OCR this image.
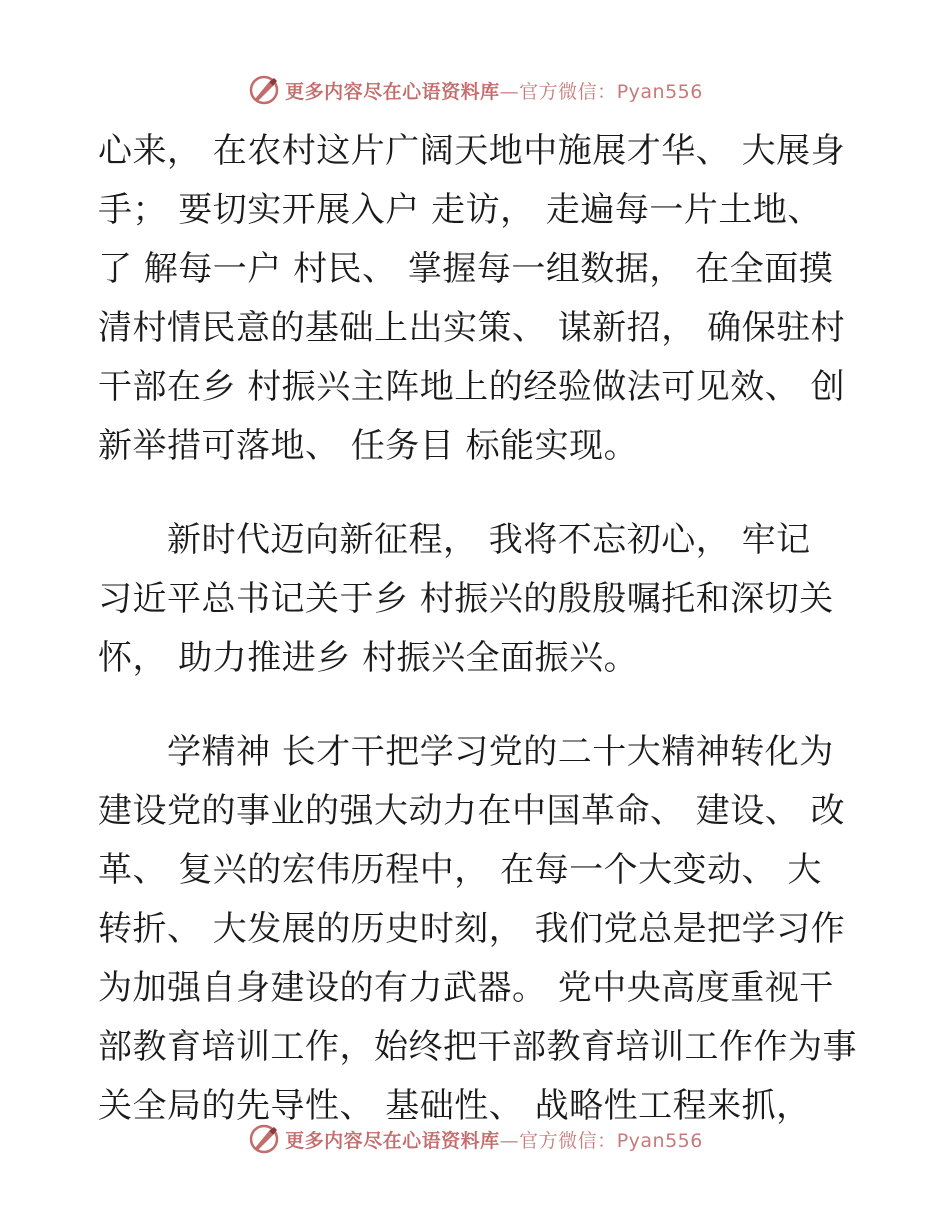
更多内容尽在心语资料库—官方微信：Pyan556
心来， 在农村这片广阔天地中施展才华、 大展身
手； 要切实开展入户 走访， 走遍每一片土地、
了 解每一户 村民、 掌握每一组数据， 在全面摸
清村情民意的基础上出实策、 谋新招， 确保驻村
干部在乡 村振兴主阵地上的经验做法可见效、 创
新举措可落地、 任务目 标能实现。
　　新时代迈向新征程， 我将不忘初心， 牢记
习近平总书记关于乡 村振兴的殷殷嘱托和深切关
怀， 助力推进乡 村振兴全面振兴。
　　学精神 长才干把学习党的二十大精神转化为
建设党的事业的强大动力在中国革命、 建设、 改
革、 复兴的宏伟历程中， 在每一个大变动、 大
转折、 大发展的历史时刻， 我们党总是把学习作
为加强自身建设的有力武器。 党中央高度重视干
部教育培训工作，始终把干部教育培训工作作为事
关全局的先导性、 基础性、 战略性工程来抓，
更多内容尽在心语资料库—官方微信：Pyan556
